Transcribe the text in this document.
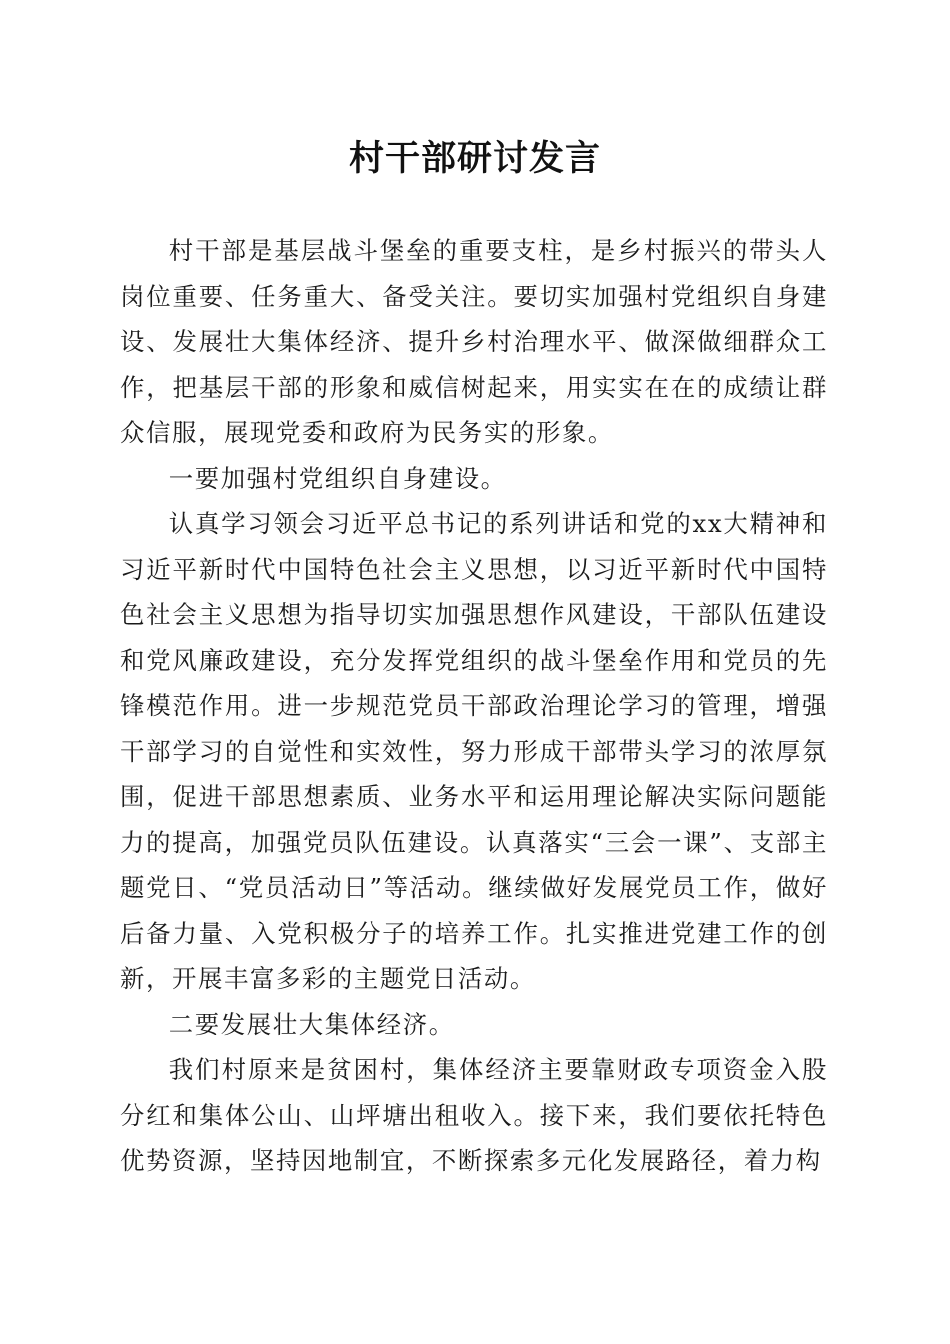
村干部研讨发言

村干部是基层战斗堡垒的重要支柱，是乡村振兴的带头人岗位重要、任务重大、备受关注。要切实加强村党组织自身建设、发展壮大集体经济、提升乡村治理水平、做深做细群众工作，把基层干部的形象和威信树起来，用实实在在的成绩让群众信服，展现党委和政府为民务实的形象。

一要加强村党组织自身建设。

认真学习领会习近平总书记的系列讲话和党的xx大精神和习近平新时代中国特色社会主义思想，以习近平新时代中国特色社会主义思想为指导切实加强思想作风建设，干部队伍建设和党风廉政建设，充分发挥党组织的战斗堡垒作用和党员的先锋模范作用。进一步规范党员干部政治理论学习的管理，增强干部学习的自觉性和实效性，努力形成干部带头学习的浓厚氛围，促进干部思想素质、业务水平和运用理论解决实际问题能力的提高，加强党员队伍建设。认真落实“三会一课”、支部主题党日、“党员活动日”等活动。继续做好发展党员工作，做好后备力量、入党积极分子的培养工作。扎实推进党建工作的创新，开展丰富多彩的主题党日活动。

二要发展壮大集体经济。

我们村原来是贫困村，集体经济主要靠财政专项资金入股分红和集体公山、山坪塘出租收入。接下来，我们要依托特色优势资源，坚持因地制宜，不断探索多元化发展路径，着力构
